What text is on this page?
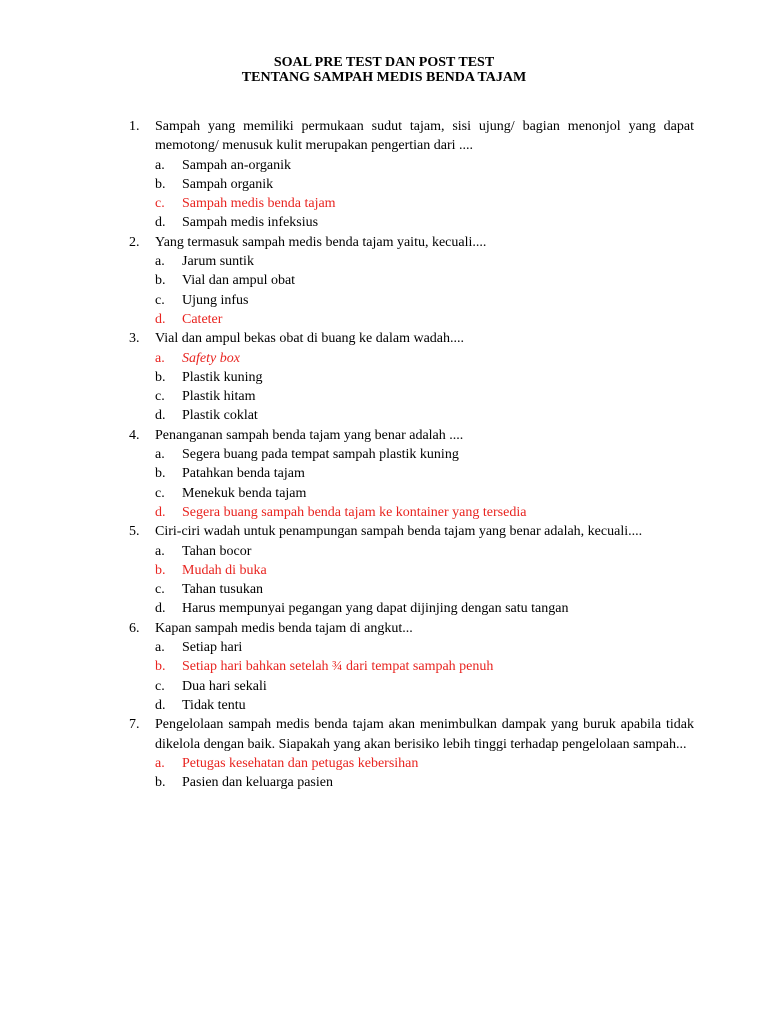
SOAL PRE TEST DAN POST TEST
TENTANG SAMPAH MEDIS BENDA TAJAM
1. Sampah yang memiliki permukaan sudut tajam, sisi ujung/ bagian menonjol yang dapat memotong/ menusuk kulit merupakan pengertian dari ....
a. Sampah an-organik
b. Sampah organik
c. Sampah medis benda tajam
d. Sampah medis infeksius
2. Yang termasuk sampah medis benda tajam yaitu, kecuali....
a. Jarum suntik
b. Vial dan ampul obat
c. Ujung infus
d. Cateter
3. Vial dan ampul bekas obat di buang ke dalam wadah....
a. Safety box
b. Plastik kuning
c. Plastik hitam
d. Plastik coklat
4. Penanganan sampah benda tajam yang benar adalah ....
a. Segera buang pada tempat sampah plastik kuning
b. Patahkan benda tajam
c. Menekuk benda tajam
d. Segera buang sampah benda tajam ke kontainer yang tersedia
5. Ciri-ciri wadah untuk penampungan sampah benda tajam yang benar adalah, kecuali....
a. Tahan bocor
b. Mudah di buka
c. Tahan tusukan
d. Harus mempunyai pegangan yang dapat dijinjing dengan satu tangan
6. Kapan sampah medis benda tajam di angkut...
a. Setiap hari
b. Setiap hari bahkan setelah ¾ dari tempat sampah penuh
c. Dua hari sekali
d. Tidak tentu
7. Pengelolaan sampah medis benda tajam akan menimbulkan dampak yang buruk apabila tidak dikelola dengan baik. Siapakah yang akan berisiko lebih tinggi terhadap pengelolaan sampah...
a. Petugas kesehatan dan petugas kebersihan
b. Pasien dan keluarga pasien
